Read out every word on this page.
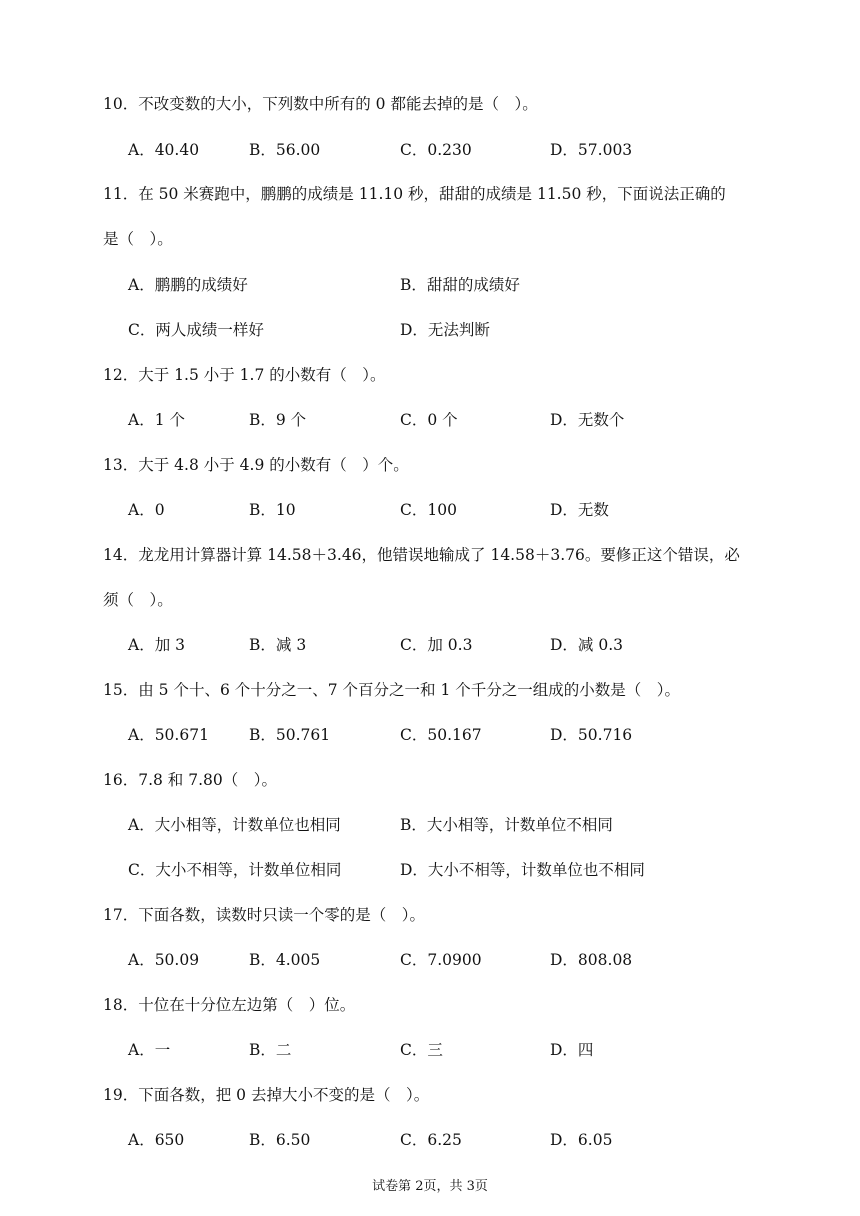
10．不改变数的大小，下列数中所有的 0 都能去掉的是（　）。
A．40.40	B．56.00	C．0.230	D．57.003
11．在 50 米赛跑中，鹏鹏的成绩是 11.10 秒，甜甜的成绩是 11.50 秒，下面说法正确的
是（　）。
A．鹏鹏的成绩好	B．甜甜的成绩好
C．两人成绩一样好	D．无法判断
12．大于 1.5 小于 1.7 的小数有（　）。
A．1 个	B．9 个	C．0 个	D．无数个
13．大于 4.8 小于 4.9 的小数有（　）个。
A．0	B．10	C．100	D．无数
14．龙龙用计算器计算 14.58＋3.46，他错误地输成了 14.58＋3.76。要修正这个错误，必
须（　）。
A．加 3	B．减 3	C．加 0.3	D．减 0.3
15．由 5 个十、6 个十分之一、7 个百分之一和 1 个千分之一组成的小数是（　）。
A．50.671	B．50.761	C．50.167	D．50.716
16．7.8 和 7.80（　）。
A．大小相等，计数单位也相同	B．大小相等，计数单位不相同
C．大小不相等，计数单位相同	D．大小不相等，计数单位也不相同
17．下面各数，读数时只读一个零的是（　）。
A．50.09	B．4.005	C．7.0900	D．808.08
18．十位在十分位左边第（　）位。
A．一	B．二	C．三	D．四
19．下面各数，把 0 去掉大小不变的是（　）。
A．650	B．6.50	C．6.25	D．6.05
试卷第 2页，共 3页
